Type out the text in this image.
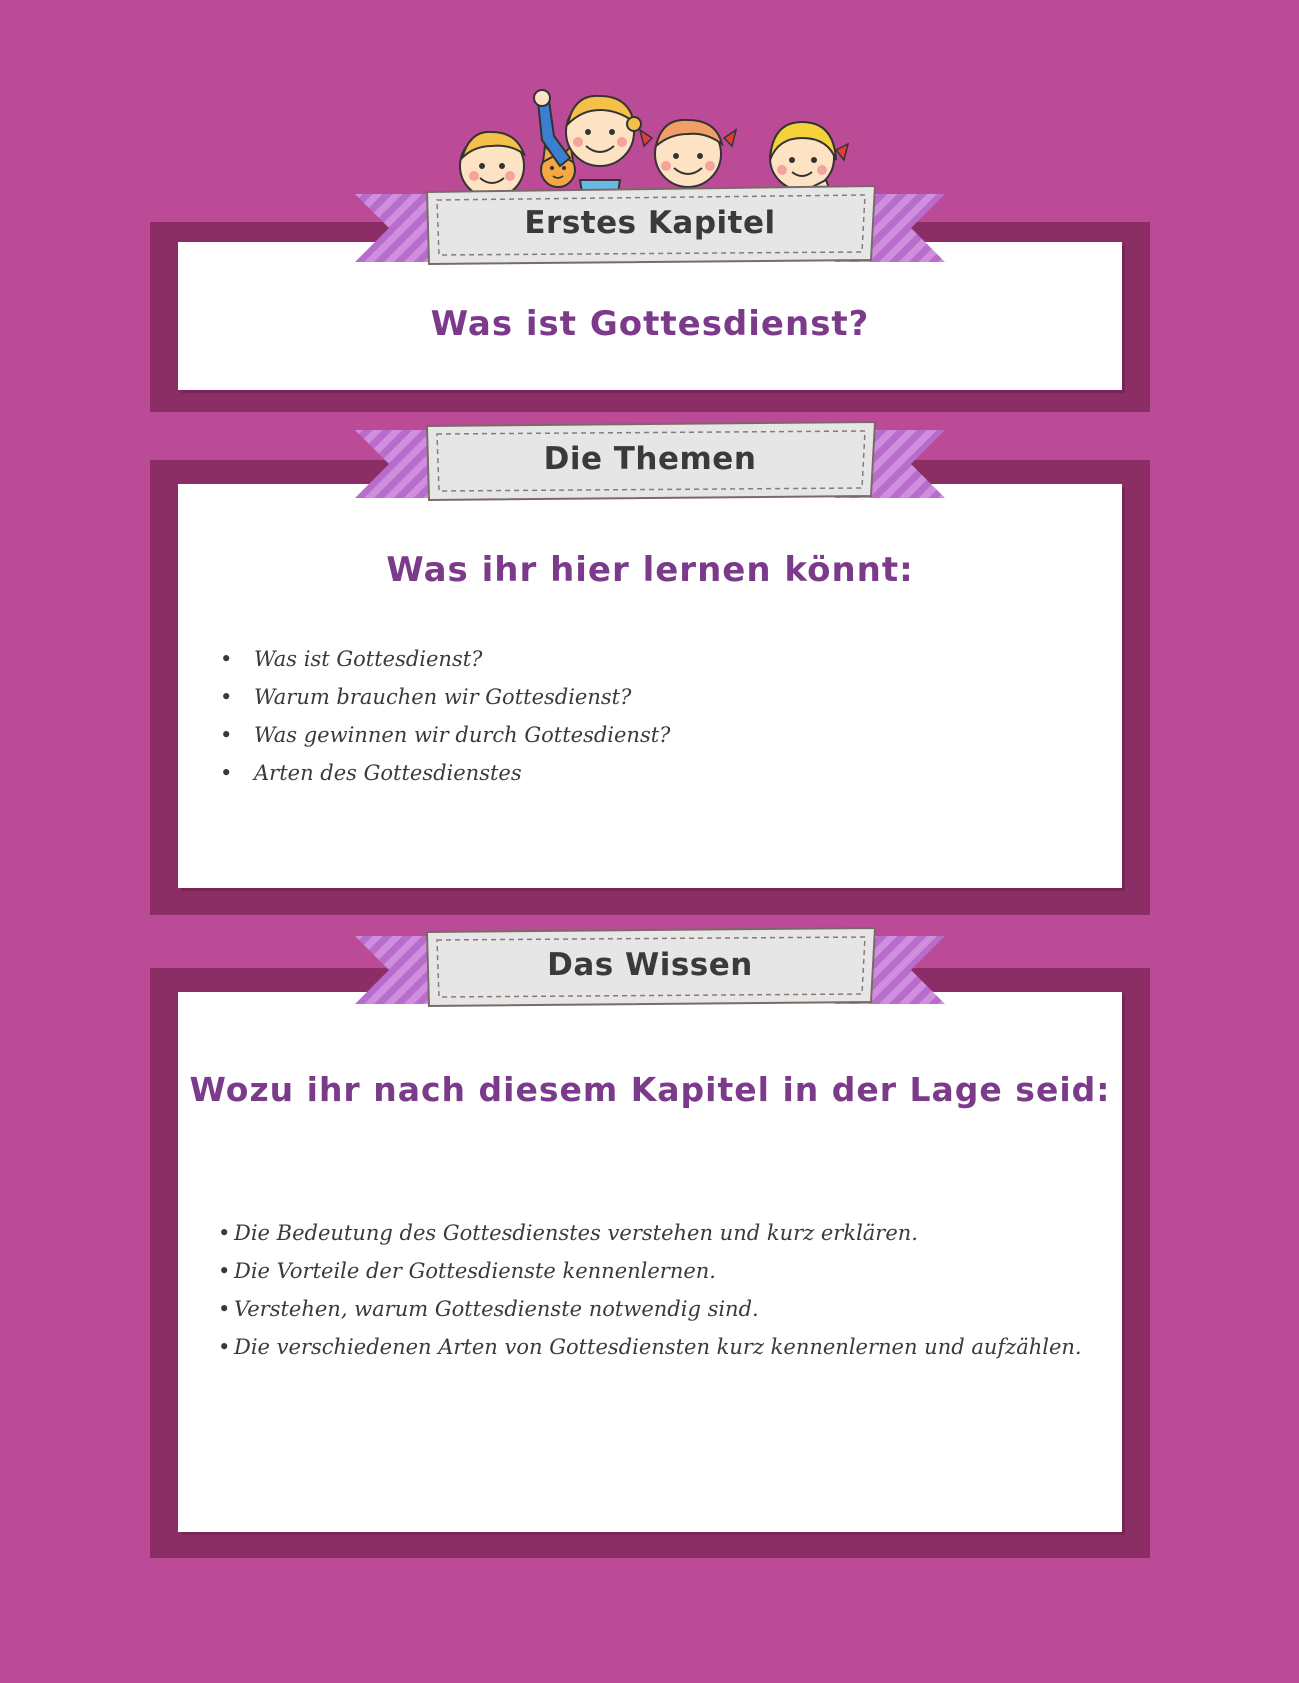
Was ist Gottesdienst?
Erstes Kapitel
Was ihr hier lernen könnt:
• Was ist Gottesdienst?
• Warum brauchen wir Gottesdienst?
• Was gewinnen wir durch Gottesdienst?
• Arten des Gottesdienstes
Die Themen
Wozu ihr nach diesem Kapitel in der Lage seid:
• Die Bedeutung des Gottesdienstes verstehen und kurz erklären.
• Die Vorteile der Gottesdienste kennenlernen.
• Verstehen, warum Gottesdienste notwendig sind.
• Die verschiedenen Arten von Gottesdiensten kurz kennenlernen und aufzählen.
Das Wissen
